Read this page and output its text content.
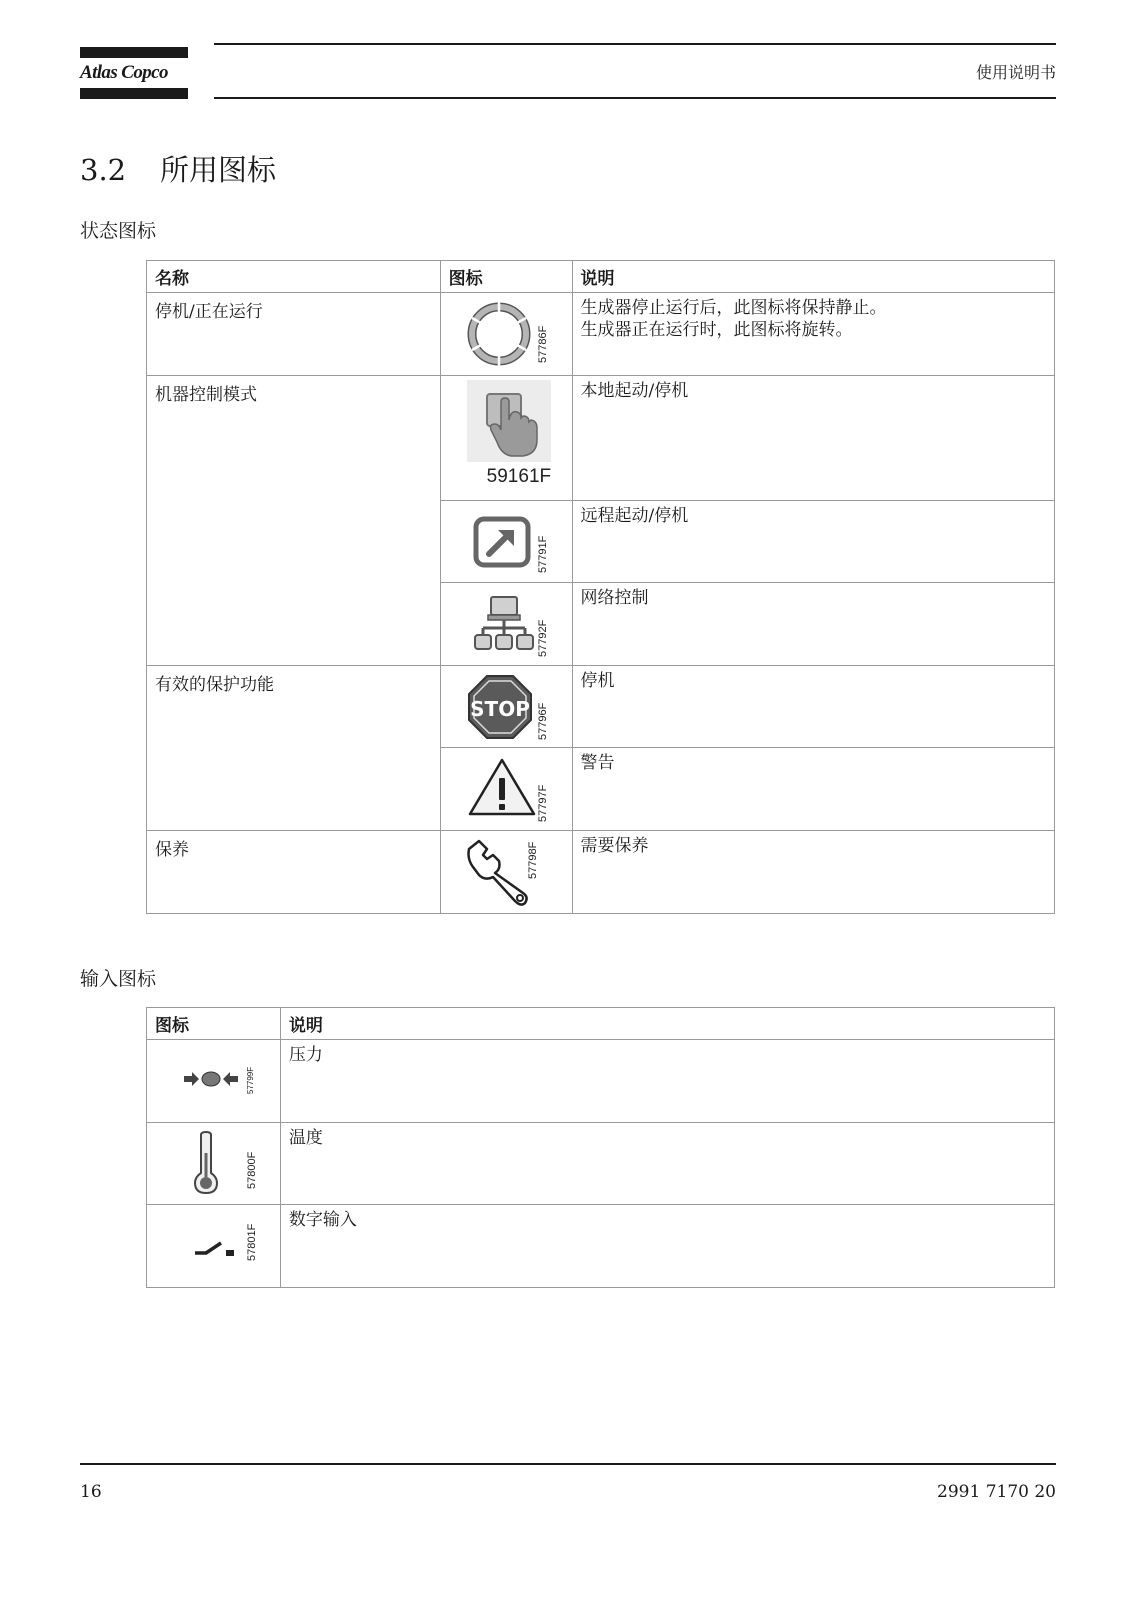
Atlas Copco	使用说明书
3.2 所用图标
状态图标
名称	图标	说明
停机/正在运行	57786F	生成器停止运行后，此图标将保持静止。
生成器正在运行时，此图标将旋转。

机器控制模式	59161F	本地起动/停机

	57791F	远程起动/停机

	57792F	网络控制

有效的保护功能	STOP 57796F	停机

	57797F	警告

保养	57798F	需要保养
输入图标
图标	说明

57799F	压力

57800F	温度

57801F	数字输入
16	2991 7170 20
